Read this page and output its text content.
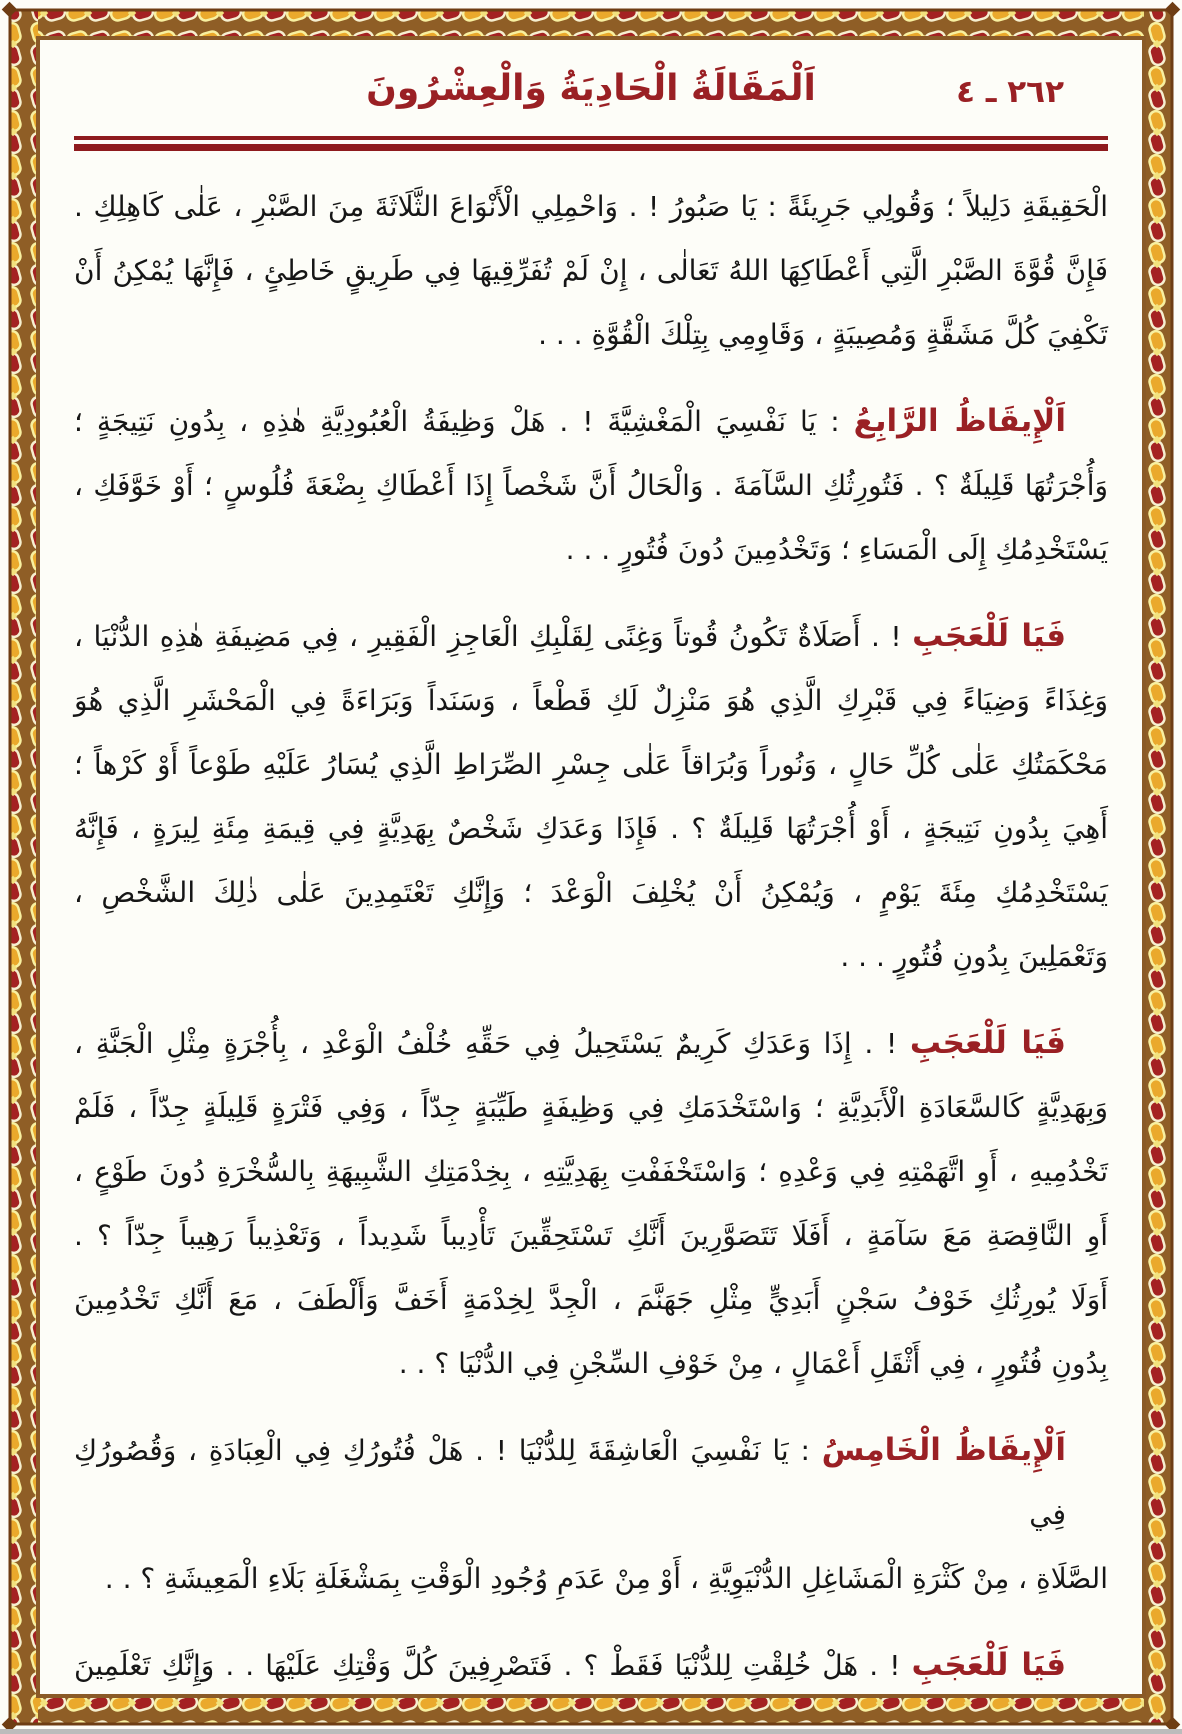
٢٦٢ ـ ٤
اَلْمَقَالَةُ الْحَادِيَةُ وَالْعِشْرُونَ
الْحَقِيقَةِ دَلِيلاً ؛ وَقُولِي جَرِيئَةً : يَا صَبُورُ ! . وَاحْمِلِي الْأَنْوَاعَ الثَّلَاثَةَ مِنَ الصَّبْرِ ، عَلٰى كَاهِلِكِ .
فَإِنَّ قُوَّةَ الصَّبْرِ الَّتِي أَعْطَاكِهَا اللهُ تَعَالٰى ، إِنْ لَمْ تُفَرِّقِيهَا فِي طَرِيقٍ خَاطِئٍ ، فَإِنَّهَا يُمْكِنُ أَنْ
تَكْفِيَ كُلَّ مَشَقَّةٍ وَمُصِيبَةٍ ، وَقَاوِمِي بِتِلْكَ الْقُوَّةِ . . .
اَلْإِيقَاظُ الرَّابِعُ : يَا نَفْسِيَ الْمَغْشِيَّةَ ! . هَلْ وَظِيفَةُ الْعُبُودِيَّةِ هٰذِهِ ، بِدُونِ نَتِيجَةٍ ؛
وَأُجْرَتُهَا قَلِيلَةٌ ؟ . فَتُورِثُكِ السَّآمَةَ . وَالْحَالُ أَنَّ شَخْصاً إِذَا أَعْطَاكِ بِضْعَةَ فُلُوسٍ ؛ أَوْ خَوَّفَكِ ،
يَسْتَخْدِمُكِ إِلَى الْمَسَاءِ ؛ وَتَخْدُمِينَ دُونَ فُتُورٍ . . .
فَيَا لَلْعَجَبِ ! . أَصَلَاةٌ تَكُونُ قُوتاً وَغِنًى لِقَلْبِكِ الْعَاجِزِ الْفَقِيرِ ، فِي مَضِيفَةِ هٰذِهِ الدُّنْيَا ،
وَغِذَاءً وَضِيَاءً فِي قَبْرِكِ الَّذِي هُوَ مَنْزِلٌ لَكِ قَطْعاً ، وَسَنَداً وَبَرَاءَةً فِي الْمَحْشَرِ الَّذِي هُوَ
مَحْكَمَتُكِ عَلٰى كُلِّ حَالٍ ، وَنُوراً وَبُرَاقاً عَلٰى جِسْرِ الصِّرَاطِ الَّذِي يُسَارُ عَلَيْهِ طَوْعاً أَوْ كَرْهاً ؛
أَهِيَ بِدُونِ نَتِيجَةٍ ، أَوْ أُجْرَتُهَا قَلِيلَةٌ ؟ . فَإِذَا وَعَدَكِ شَخْصٌ بِهَدِيَّةٍ فِي قِيمَةِ مِئَةِ لِيرَةٍ ، فَإِنَّهُ
يَسْتَخْدِمُكِ مِئَةَ يَوْمٍ ، وَيُمْكِنُ أَنْ يُخْلِفَ الْوَعْدَ ؛ وَإِنَّكِ تَعْتَمِدِينَ عَلٰى ذٰلِكَ الشَّخْصِ ،
وَتَعْمَلِينَ بِدُونِ فُتُورٍ . . .
فَيَا لَلْعَجَبِ ! . إِذَا وَعَدَكِ كَرِيمٌ يَسْتَحِيلُ فِي حَقِّهِ خُلْفُ الْوَعْدِ ، بِأُجْرَةٍ مِثْلِ الْجَنَّةِ ،
وَبِهَدِيَّةٍ كَالسَّعَادَةِ الْأَبَدِيَّةِ ؛ وَاسْتَخْدَمَكِ فِي وَظِيفَةٍ طَيِّبَةٍ جِدّاً ، وَفِي فَتْرَةٍ قَلِيلَةٍ جِدّاً ، فَلَمْ
تَخْدُمِيهِ ، أَوِ اتَّهَمْتِهِ فِي وَعْدِهِ ؛ وَاسْتَخْفَفْتِ بِهَدِيَّتِهِ ، بِخِدْمَتِكِ الشَّبِيهَةِ بِالسُّخْرَةِ دُونَ طَوْعٍ ،
أَوِ النَّاقِصَةِ مَعَ سَآمَةٍ ، أَفَلَا تَتَصَوَّرِينَ أَنَّكِ تَسْتَحِقِّينَ تَأْدِيباً شَدِيداً ، وَتَعْذِيباً رَهِيباً جِدّاً ؟ .
أَوَلَا يُورِثُكِ خَوْفُ سَجْنٍ أَبَدِيٍّ مِثْلِ جَهَنَّمَ ، الْجِدَّ لِخِدْمَةٍ أَخَفَّ وَأَلْطَفَ ، مَعَ أَنَّكِ تَخْدُمِينَ
بِدُونِ فُتُورٍ ، فِي أَثْقَلِ أَعْمَالٍ ، مِنْ خَوْفِ السِّجْنِ فِي الدُّنْيَا ؟ . .
اَلْإِيقَاظُ الْخَامِسُ : يَا نَفْسِيَ الْعَاشِقَةَ لِلدُّنْيَا ! . هَلْ فُتُورُكِ فِي الْعِبَادَةِ ، وَقُصُورُكِ فِي
الصَّلَاةِ ، مِنْ كَثْرَةِ الْمَشَاغِلِ الدُّنْيَوِيَّةِ ، أَوْ مِنْ عَدَمِ وُجُودِ الْوَقْتِ بِمَشْغَلَةِ بَلَاءِ الْمَعِيشَةِ ؟ . .
فَيَا لَلْعَجَبِ ! . هَلْ خُلِقْتِ لِلدُّنْيَا فَقَطْ ؟ . فَتَصْرِفِينَ كُلَّ وَقْتِكِ عَلَيْهَا . . وَإِنَّكِ تَعْلَمِينَ
